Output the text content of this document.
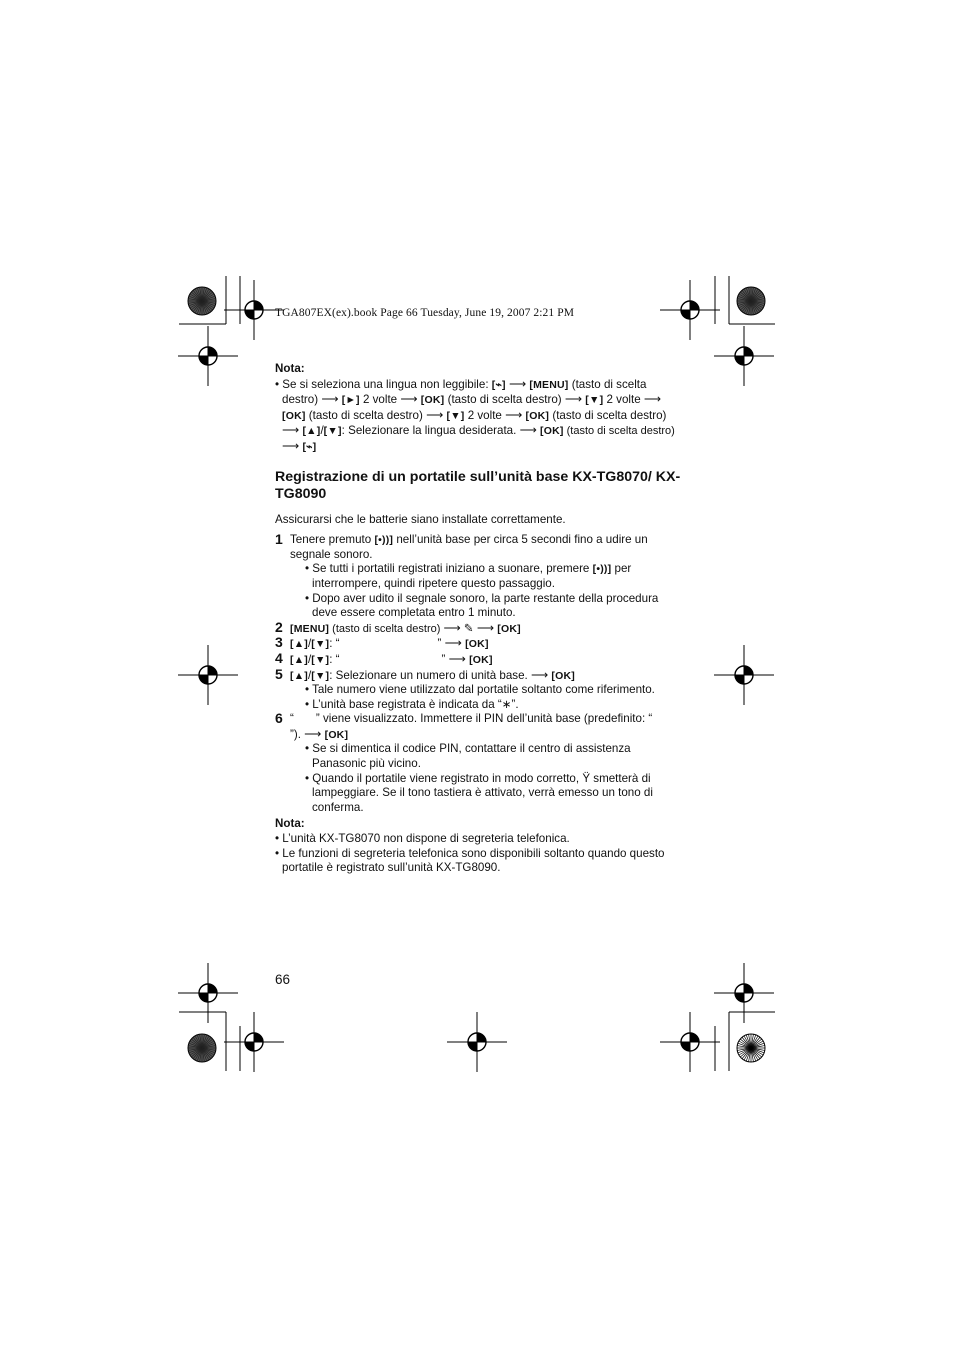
TGA807EX(ex).book Page 66 Tuesday, June 19, 2007 2:21 PM
Nota:
• Se si seleziona una lingua non leggibile: [⌁] ⟶ [MENU] (tasto di scelta destro) ⟶ [►] 2 volte ⟶ [OK] (tasto di scelta destro) ⟶ [▼] 2 volte ⟶ [OK] (tasto di scelta destro) ⟶ [▼] 2 volte ⟶ [OK] (tasto di scelta destro) ⟶ [▲]/[▼]: Selezionare la lingua desiderata. ⟶ [OK] (tasto di scelta destro) ⟶ [⌁]
Registrazione di un portatile sull’unità base KX-TG8070/ KX-TG8090
Assicurarsi che le batterie siano installate correttamente.
1 Tenere premuto [•))] nell’unità base per circa 5 secondi fino a udire un segnale sonoro.
• Se tutti i portatili registrati iniziano a suonare, premere [•))] per interrompere, quindi ripetere questo passaggio.
• Dopo aver udito il segnale sonoro, la parte restante della procedura deve essere completata entro 1 minuto.
2 [MENU] (tasto di scelta destro) ⟶ ✎ ⟶ [OK]
3 [▲]/[▼]: “	” ⟶ [OK]
4 [▲]/[▼]: “	” ⟶ [OK]
5 [▲]/[▼]: Selezionare un numero di unità base. ⟶ [OK]
• Tale numero viene utilizzato dal portatile soltanto come riferimento.
• L’unità base registrata è indicata da “∗”.
6 “ ” viene visualizzato. Immettere il PIN dell’unità base (predefinito: “”). ⟶ [OK]
• Se si dimentica il codice PIN, contattare il centro di assistenza Panasonic più vicino.
• Quando il portatile viene registrato in modo corretto, Ÿ smetterà di lampeggiare. Se il tono tastiera è attivato, verrà emesso un tono di conferma.
Nota:
• L’unità KX-TG8070 non dispone di segreteria telefonica.
• Le funzioni di segreteria telefonica sono disponibili soltanto quando questo portatile è registrato sull’unità KX-TG8090.
66
